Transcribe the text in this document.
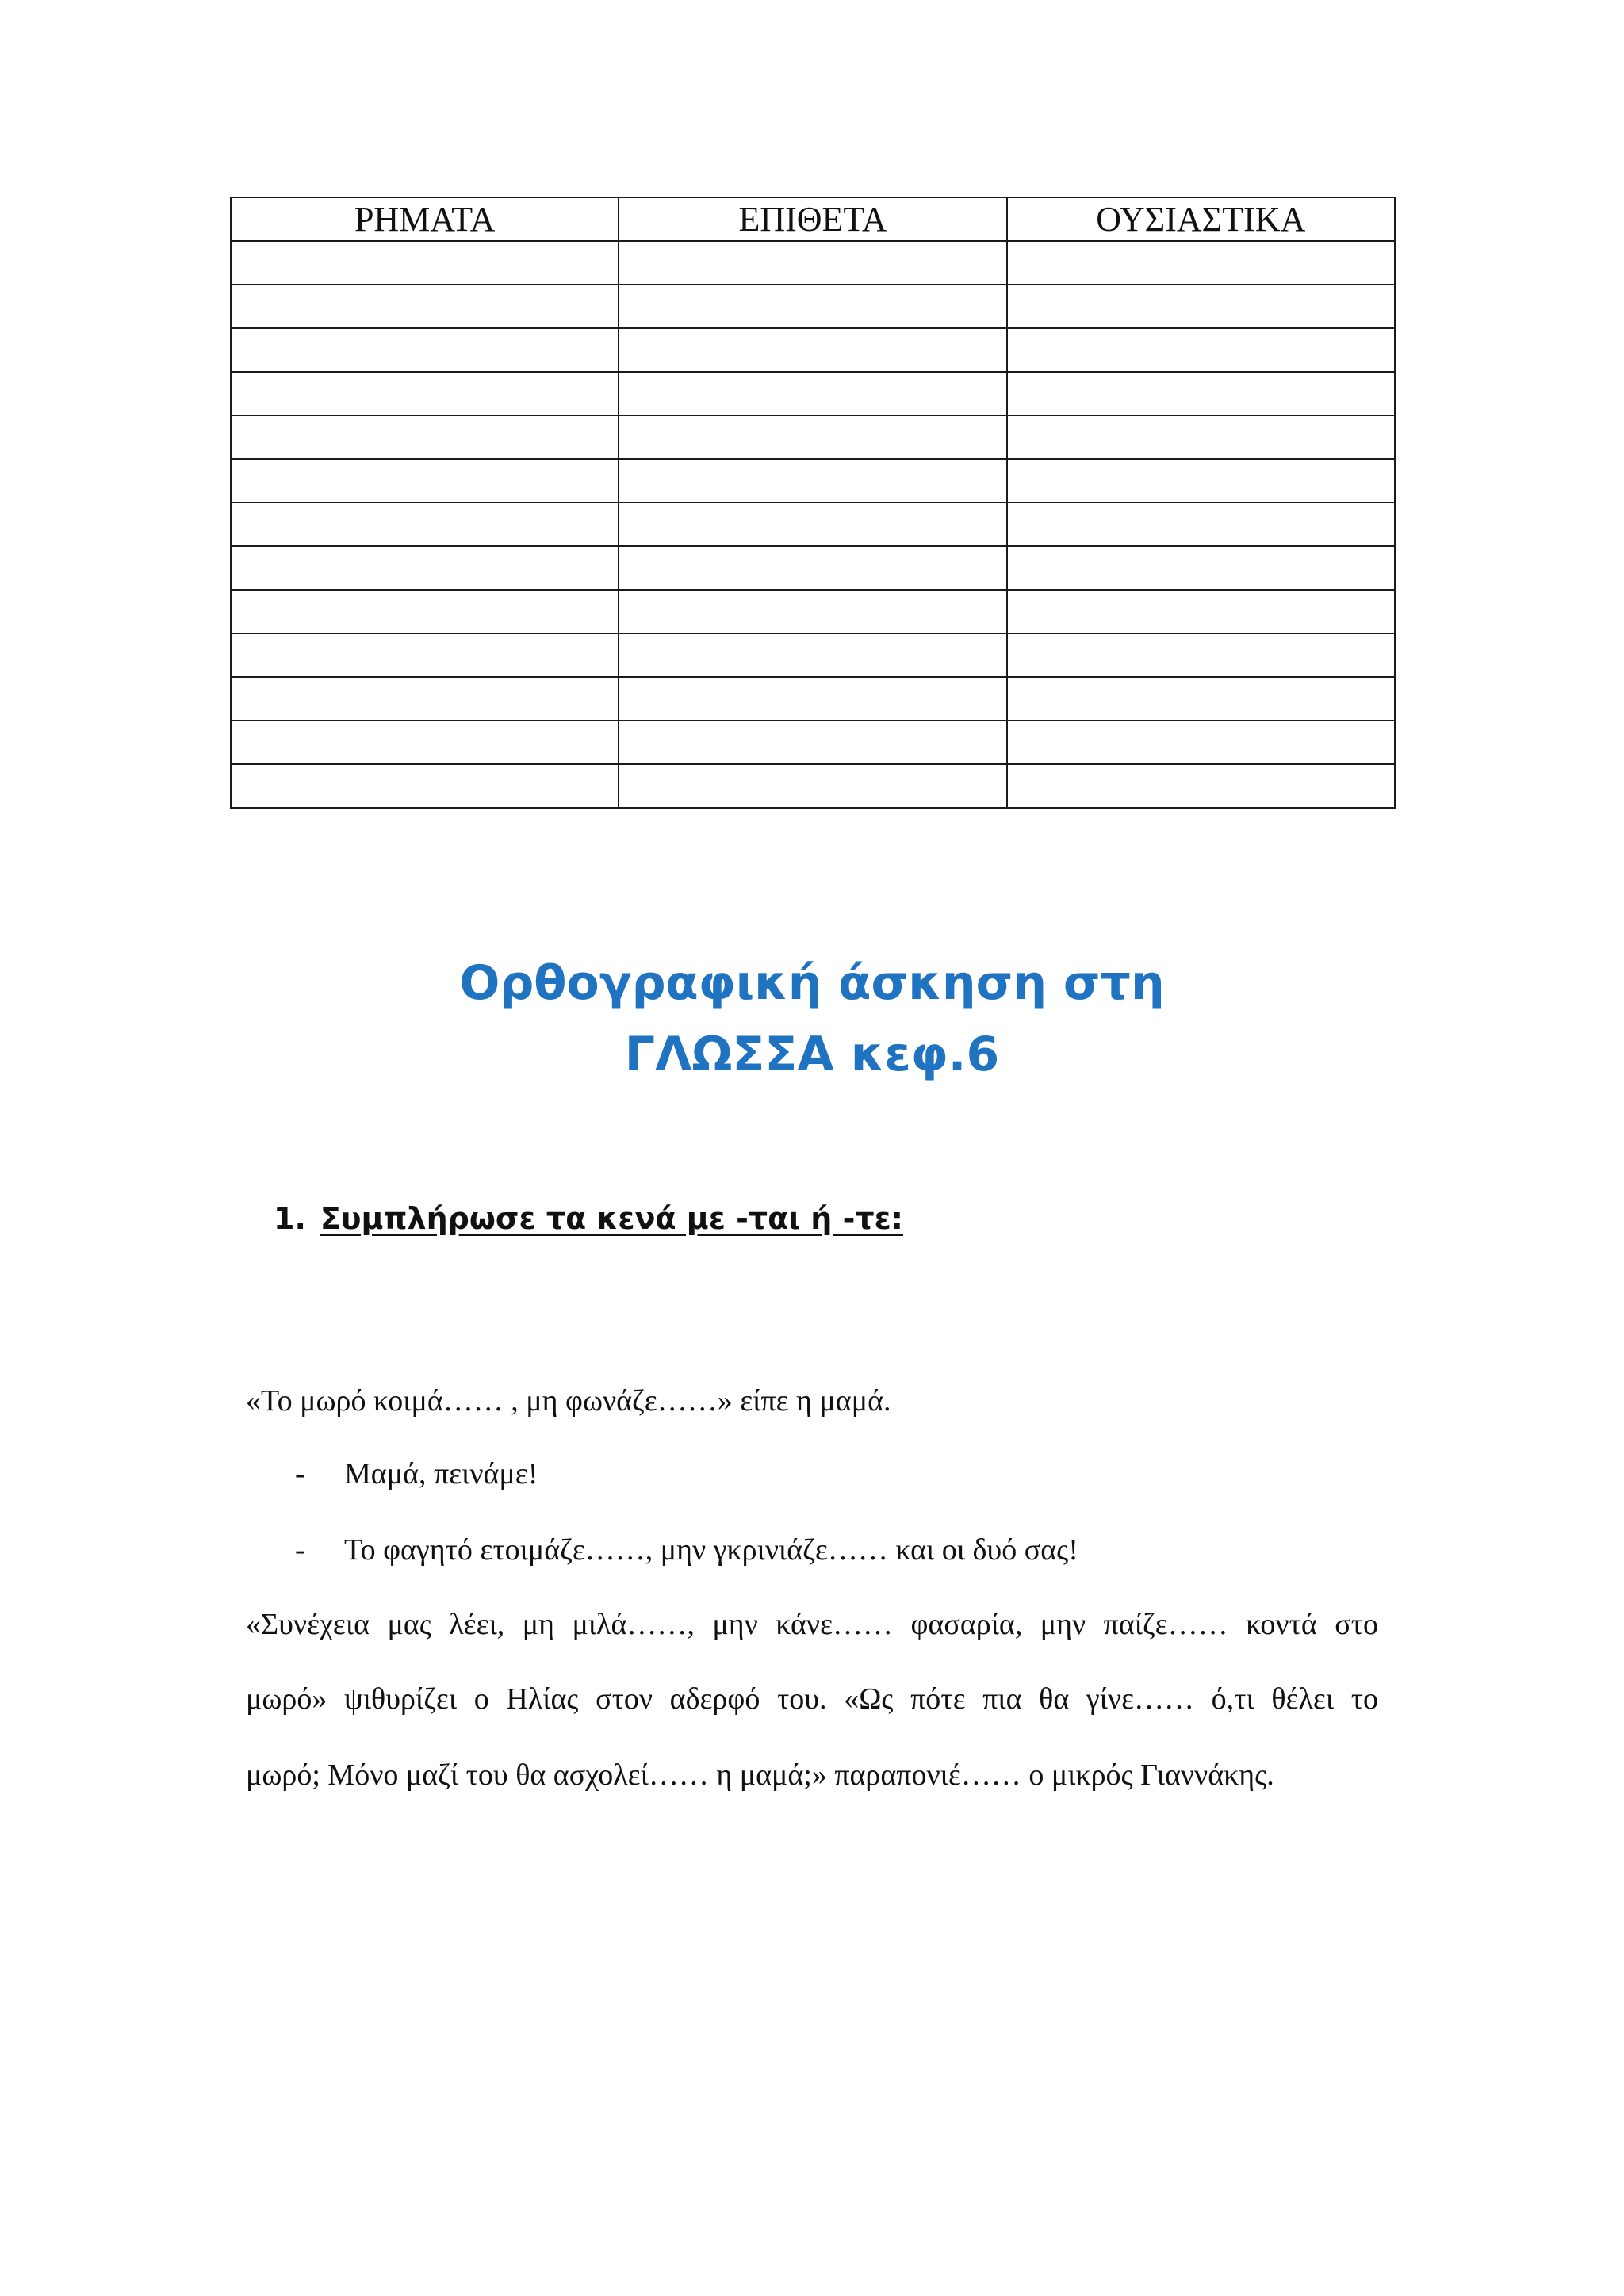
ΡΗΜΑΤΑ	ΕΠΙΘΕΤΑ	ΟΥΣΙΑΣΤΙΚΑ

Ορθογραφική άσκηση στη
ΓΛΩΣΣΑ κεφ.6
1. Συμπλήρωσε τα κενά με -ται ή -τε:
«Το μωρό κοιμά…… , μη φωνάζε……» είπε η μαμά.
- Μαμά, πεινάμε!
- Το φαγητό ετοιμάζε……, μην γκρινιάζε…… και οι δυό σας!
«Συνέχεια μας λέει, μη μιλά……, μην κάνε…… φασαρία, μην παίζε…… κοντά στο
μωρό» ψιθυρίζει ο Ηλίας στον αδερφό του. «Ως πότε πια θα γίνε…… ό,τι θέλει το
μωρό; Μόνο μαζί του θα ασχολεί…… η μαμά;» παραπονιέ…… ο μικρός Γιαννάκης.
